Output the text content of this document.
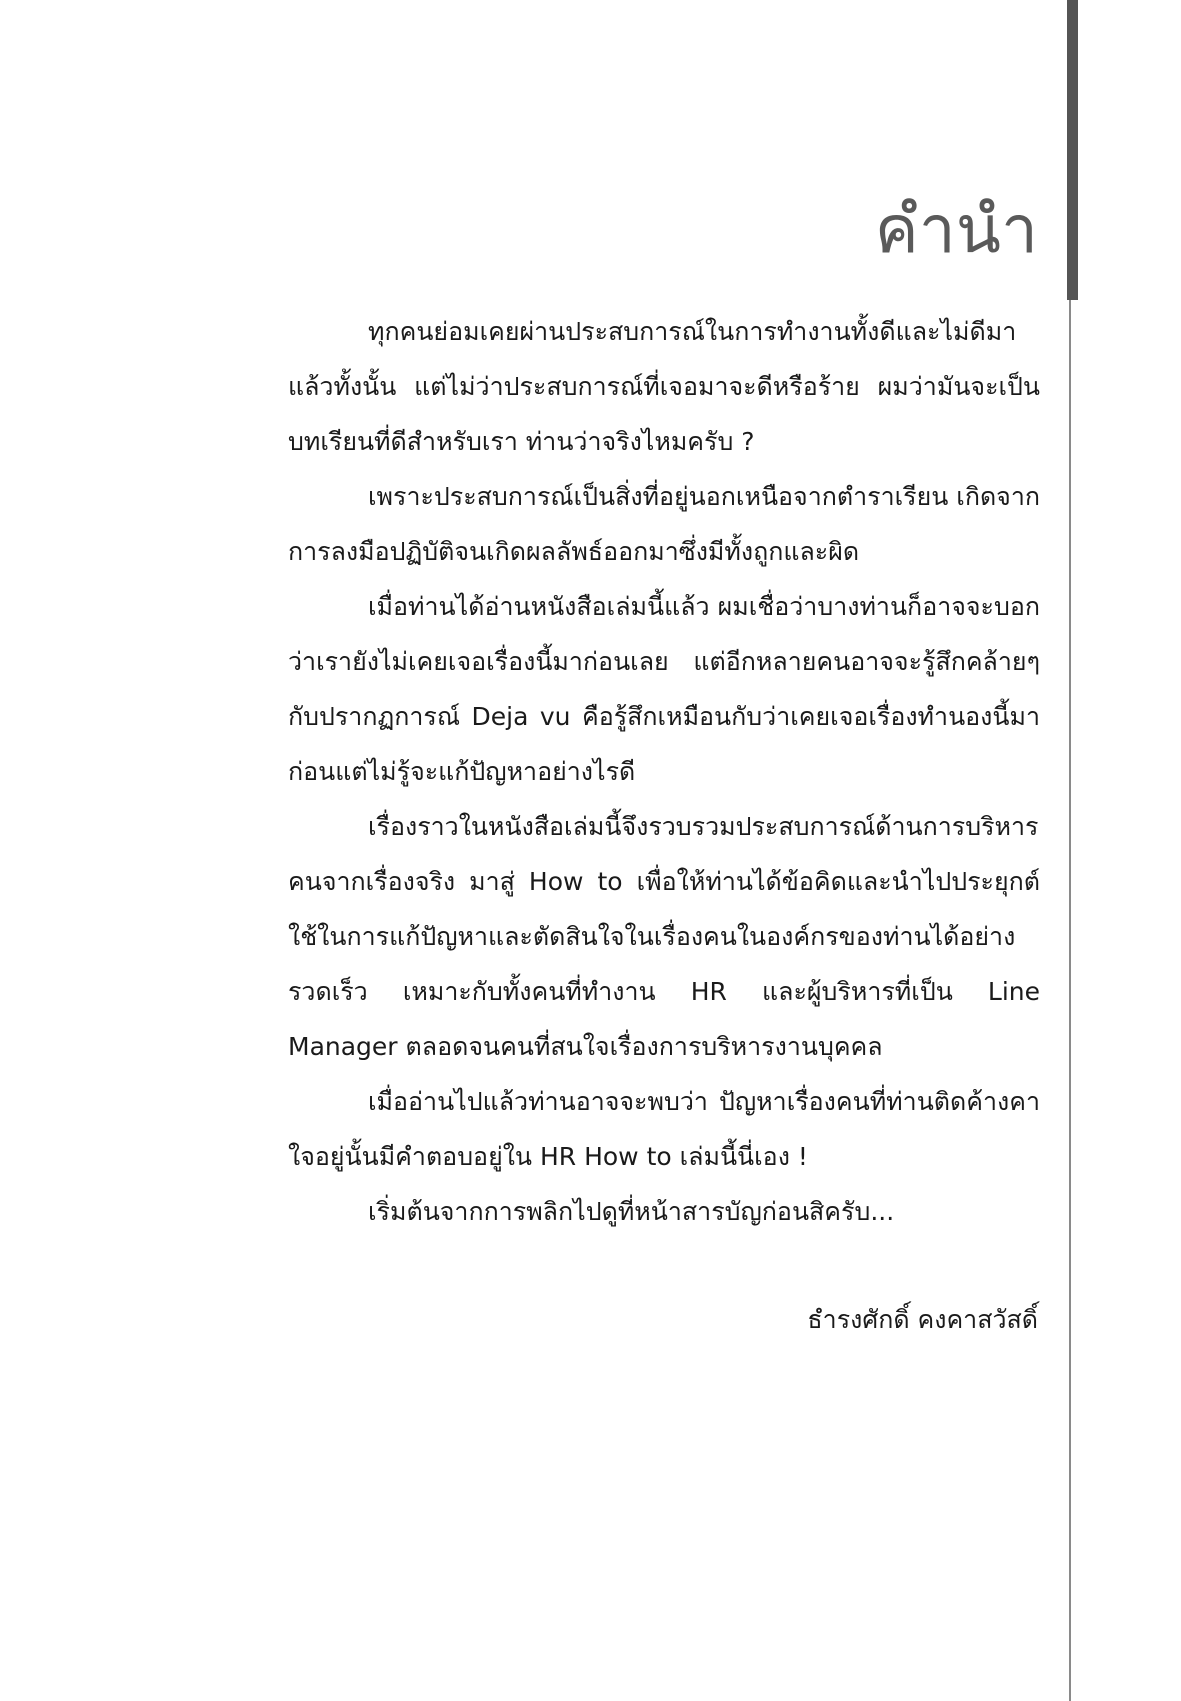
คำนำ

ทุกคนย่อมเคยผ่านประสบการณ์ในการทำงานทั้งดีและไม่ดีมาแล้วทั้งนั้น แต่ไม่ว่าประสบการณ์ที่เจอมาจะดีหรือร้าย ผมว่ามันจะเป็นบทเรียนที่ดีสำหรับเรา ท่านว่าจริงไหมครับ ?

เพราะประสบการณ์เป็นสิ่งที่อยู่นอกเหนือจากตำราเรียน เกิดจากการลงมือปฏิบัติจนเกิดผลลัพธ์ออกมาซึ่งมีทั้งถูกและผิด

เมื่อท่านได้อ่านหนังสือเล่มนี้แล้ว ผมเชื่อว่าบางท่านก็อาจจะบอกว่าเรายังไม่เคยเจอเรื่องนี้มาก่อนเลย แต่อีกหลายคนอาจจะรู้สึกคล้ายๆ กับปรากฏการณ์ Deja vu คือรู้สึกเหมือนกับว่าเคยเจอเรื่องทำนองนี้มาก่อนแต่ไม่รู้จะแก้ปัญหาอย่างไรดี

เรื่องราวในหนังสือเล่มนี้จึงรวบรวมประสบการณ์ด้านการบริหารคนจากเรื่องจริง มาสู่ How to เพื่อให้ท่านได้ข้อคิดและนำไปประยุกต์ใช้ในการแก้ปัญหาและตัดสินใจในเรื่องคนในองค์กรของท่านได้อย่างรวดเร็ว เหมาะกับทั้งคนที่ทำงาน HR และผู้บริหารที่เป็น Line Manager ตลอดจนคนที่สนใจเรื่องการบริหารงานบุคคล

เมื่ออ่านไปแล้วท่านอาจจะพบว่า ปัญหาเรื่องคนที่ท่านติดค้างคาใจอยู่นั้นมีคำตอบอยู่ใน HR How to เล่มนี้นี่เอง !

เริ่มต้นจากการพลิกไปดูที่หน้าสารบัญก่อนสิครับ...

ธำรงศักดิ์ คงคาสวัสดิ์
